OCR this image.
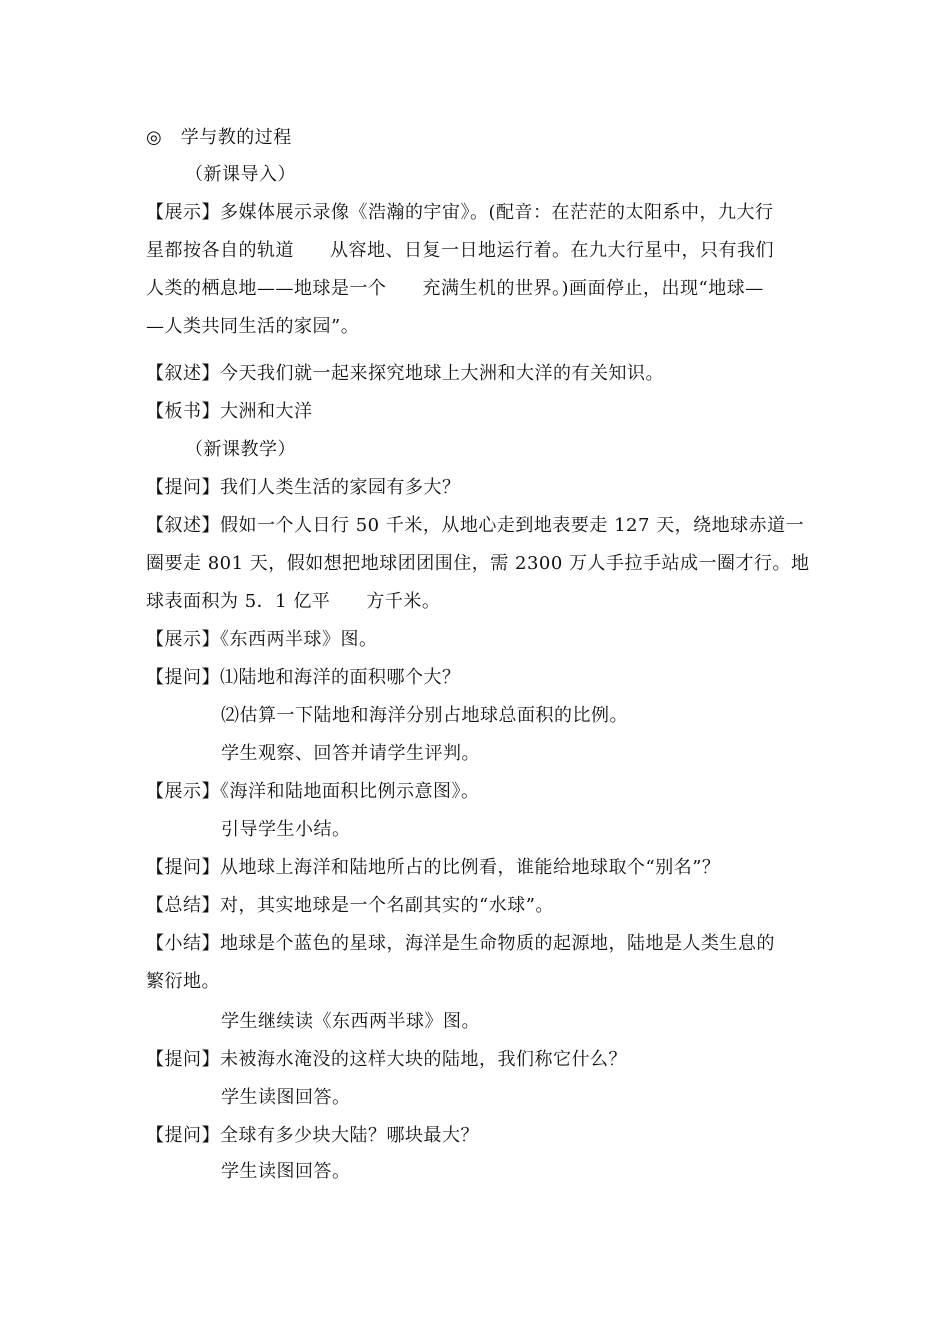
◎　学与教的过程
（新课导入）
【展示】多媒体展示录像《浩瀚的宇宙》。(配音：在茫茫的太阳系中，九大行
星都按各自的轨道 从容地、日复一日地运行着。在九大行星中，只有我们
人类的栖息地——地球是一个 充满生机的世界。)画面停止，出现“地球—
—人类共同生活的家园”。
【叙述】今天我们就一起来探究地球上大洲和大洋的有关知识。
【板书】大洲和大洋
（新课教学）
【提问】我们人类生活的家园有多大？
【叙述】假如一个人日行 50 千米，从地心走到地表要走 127 天，绕地球赤道一
圈要走 801 天，假如想把地球团团围住，需 2300 万人手拉手站成一圈才行。地
球表面积为 5．1 亿平 方千米。
【展示】《东西两半球》图。
【提问】⑴陆地和海洋的面积哪个大？
⑵估算一下陆地和海洋分别占地球总面积的比例。
学生观察、回答并请学生评判。
【展示】《海洋和陆地面积比例示意图》。
引导学生小结。
【提问】从地球上海洋和陆地所占的比例看，谁能给地球取个“别名”？
【总结】对，其实地球是一个名副其实的“水球”。
【小结】地球是个蓝色的星球，海洋是生命物质的起源地，陆地是人类生息的
繁衍地。
学生继续读《东西两半球》图。
【提问】未被海水淹没的这样大块的陆地，我们称它什么？
学生读图回答。
【提问】全球有多少块大陆？哪块最大？
学生读图回答。
